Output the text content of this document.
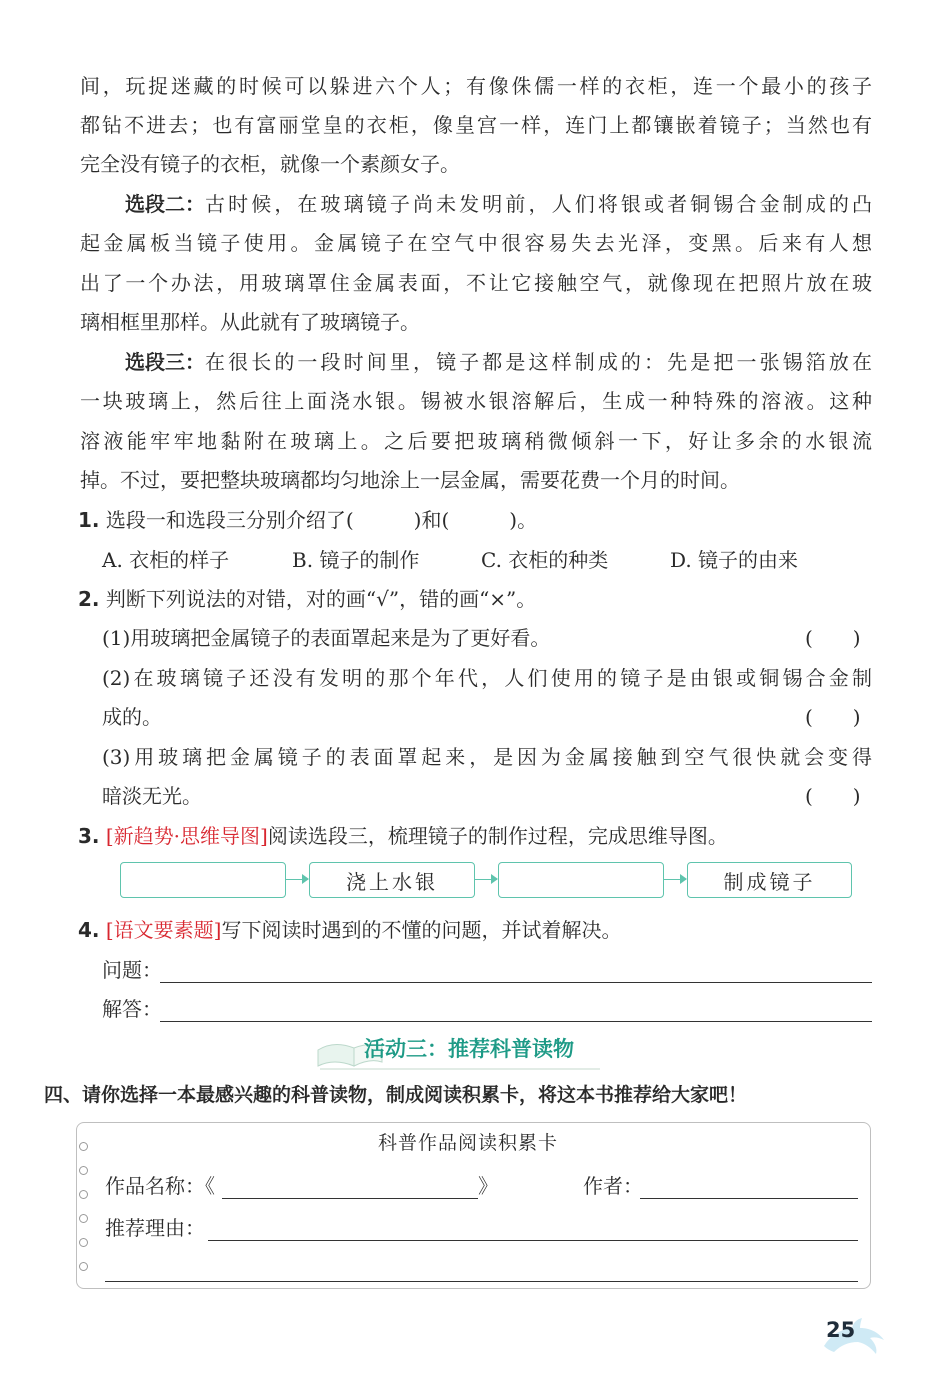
间，玩捉迷藏的时候可以躲进六个人；有像侏儒一样的衣柜，连一个最小的孩子
都钻不进去；也有富丽堂皇的衣柜，像皇宫一样，连门上都镶嵌着镜子；当然也有
完全没有镜子的衣柜，就像一个素颜女子。
选段二： 古时候，在玻璃镜子尚未发明前，人们将银或者铜锡合金制成的凸
起金属板当镜子使用。金属镜子在空气中很容易失去光泽，变黑。后来有人想
出了一个办法，用玻璃罩住金属表面，不让它接触空气，就像现在把照片放在玻
璃相框里那样。从此就有了玻璃镜子。
选段三： 在很长的一段时间里，镜子都是这样制成的：先是把一张锡箔放在
一块玻璃上，然后往上面浇水银。锡被水银溶解后，生成一种特殊的溶液。这种
溶液能牢牢地黏附在玻璃上。之后要把玻璃稍微倾斜一下，好让多余的水银流
掉。不过，要把整块玻璃都均匀地涂上一层金属，需要花费一个月的时间。
1. 选段一和选段三分别介绍了(　　　)和(　　　)。
A. 衣柜的样子	B. 镜子的制作	C. 衣柜的种类	D. 镜子的由来
2. 判断下列说法的对错，对的画“√”，错的画“×”。
(1)用玻璃把金属镜子的表面罩起来是为了更好看。	(　　)
(2)在玻璃镜子还没有发明的那个年代，人们使用的镜子是由银或铜锡合金制
成的。	(　　)
(3)用玻璃把金属镜子的表面罩起来，是因为金属接触到空气很快就会变得
暗淡无光。	(　　)
3. [新趋势·思维导图]阅读选段三，梳理镜子的制作过程，完成思维导图。
浇上水银	制成镜子
4. [语文要素题]写下阅读时遇到的不懂的问题，并试着解决。
问题：
解答：
活动三：推荐科普读物
四、请你选择一本最感兴趣的科普读物，制成阅读积累卡，将这本书推荐给大家吧！
科普作品阅读积累卡
作品名称：《	》	作者：
推荐理由：
25
